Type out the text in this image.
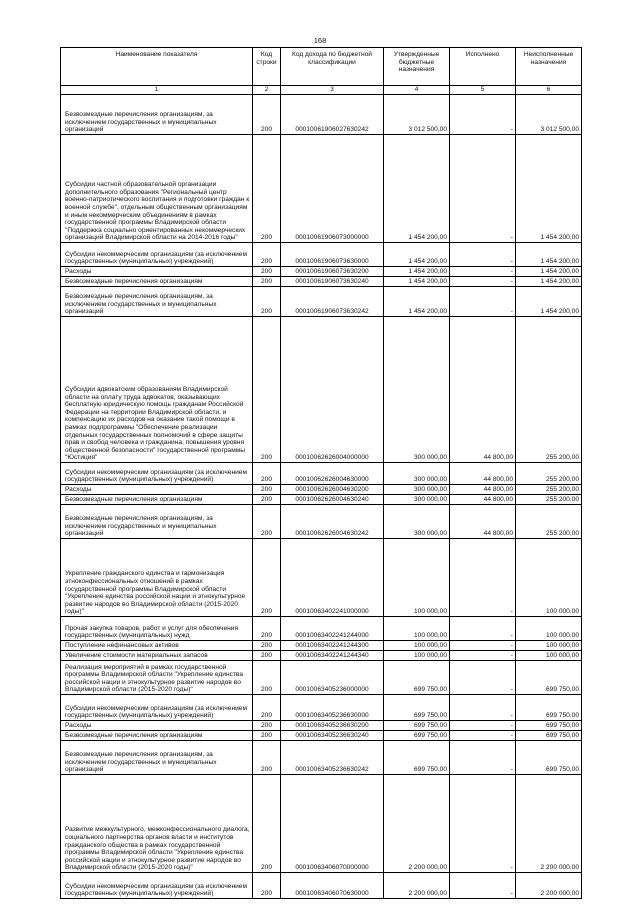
168
Наименование показателя	Код строки	Код дохода по бюджетной классификации	Утвержденные бюджетные назначения	Исполнено	Неисполненные назначения
1	2	3	4	5	6
Безвозмездные перечисления организациям, за исключением государственных и муниципальных организаций	200	00010061906027630242	3 012 500,00	-	3 012 500,00
Субсидии частной образовательной организации дополнительного образования "Региональный центр военно-патриотического воспитания и подготовки граждан к военной службе", отдельным общественным организациям и иным некоммерческим объединениям в рамках государственной программы Владимирской области "Поддержка социально ориентированных некоммерческих организаций Владимирской области на 2014-2016 годы"	200	00010061906073000000	1 454 200,00	-	1 454 200,00
Субсидии некоммерческим организациям (за исключением государственных (муниципальных) учреждений)	200	00010061906073630000	1 454 200,00	-	1 454 200,00
Расходы	200	00010061906073630200	1 454 200,00	-	1 454 200,00
Безвозмездные перечисления организациям	200	00010061906073630240	1 454 200,00	-	1 454 200,00
Безвозмездные перечисления организациям, за исключением государственных и муниципальных организаций	200	00010061906073630242	1 454 200,00	-	1 454 200,00
Субсидии адвокатским образованиям Владимирской области на оплату труда адвокатов, оказывающих бесплатную юридическую помощь гражданам Российской Федерации на территории Владимирской области, и компенсацию их расходов на оказание такой помощи в рамках подпрограммы "Обеспечение реализации отдельных государственных полномочий в сфере защиты прав и свобод человека и гражданина, повышения уровня общественной безопасности" государственной программы "Юстиция"	200	00010062626004000000	300 000,00	44 800,00	255 200,00
Субсидии некоммерческим организациям (за исключением государственных (муниципальных) учреждений)	200	00010062626004630000	300 000,00	44 800,00	255 200,00
Расходы	200	00010062626004630200	300 000,00	44 800,00	255 200,00
Безвозмездные перечисления организациям	200	00010062626004630240	300 000,00	44 800,00	255 200,00
Безвозмездные перечисления организациям, за исключением государственных и муниципальных организаций	200	00010062626004630242	300 000,00	44 800,00	255 200,00
Укрепление гражданского единства и гармонизация этноконфессиональных отношений в рамках государственной программы Владимирской области "Укрепление единства российской нации и этнокультурное развитие народов во Владимирской области (2015-2020 годы)"	200	00010063402241000000	100 000,00	-	100 000,00
Прочая закупка товаров, работ и услуг для обеспечения государственных (муниципальных) нужд	200	00010063402241244000	100 000,00	-	100 000,00
Поступление нефинансовых активов	200	00010063402241244300	100 000,00	-	100 000,00
Увеличение стоимости материальных запасов	200	00010063402241244340	100 000,00	-	100 000,00
Реализация мероприятий в рамках государственной программы Владимирской области "Укрепление единства российской нации и этнокультурное развитие народов во Владимирской области (2015-2020 годы)"	200	00010063405236000000	699 750,00	-	699 750,00
Субсидии некоммерческим организациям (за исключением государственных (муниципальных) учреждений)	200	00010063405236630000	699 750,00	-	699 750,00
Расходы	200	00010063405236630200	699 750,00	-	699 750,00
Безвозмездные перечисления организациям	200	00010063405236630240	699 750,00	-	699 750,00
Безвозмездные перечисления организациям, за исключением государственных и муниципальных организаций	200	00010063405236630242	699 750,00	-	699 750,00
Развитие межкультурного, межконфессионального диалога, социального партнерства органов власти и институтов гражданского общества в рамках государственной программы Владимирской области "Укрепление единства российской нации и этнокультурное развитие народов во Владимирской области (2015-2020 годы)"	200	00010063406070000000	2 200 000,00	-	2 200 000,00
Субсидии некоммерческим организациям (за исключением государственных (муниципальных) учреждений)	200	00010063406070630000	2 200 000,00	-	2 200 000,00
